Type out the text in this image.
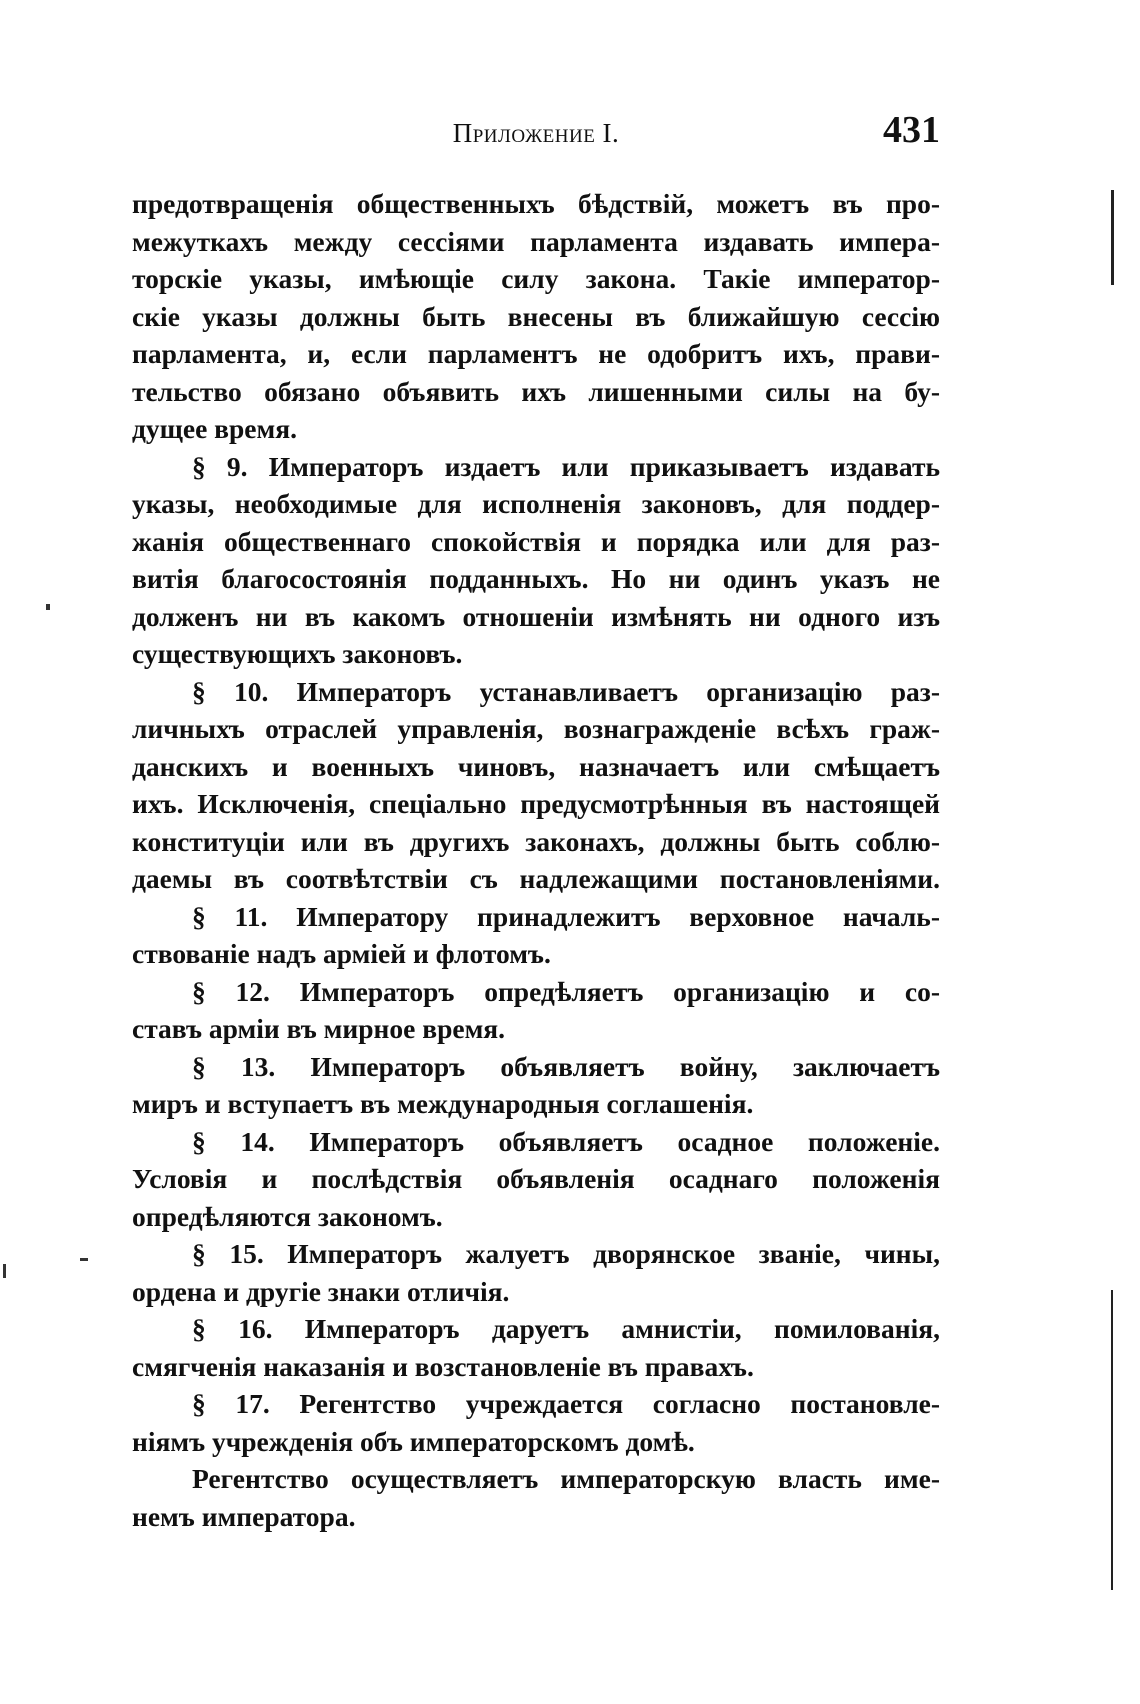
Приложение I.	431
предотвращенія общественныхъ бѣдствій, можетъ въ про-
межуткахъ между сессіями парламента издавать импера-
торскіе указы, имѣющіе силу закона. Такіе император-
скіе указы должны быть внесены въ ближайшую сессію
парламента, и, если парламентъ не одобритъ ихъ, прави-
тельство обязано объявить ихъ лишенными силы на бу-
дущее время.
§ 9. Императоръ издаетъ или приказываетъ издавать
указы, необходимые для исполненія законовъ, для поддер-
жанія общественнаго спокойствія и порядка или для раз-
витія благосостоянія подданныхъ. Но ни одинъ указъ не
долженъ ни въ какомъ отношеніи измѣнять ни одного изъ
существующихъ законовъ.
§ 10. Императоръ устанавливаетъ организацію раз-
личныхъ отраслей управленія, вознагражденіе всѣхъ граж-
данскихъ и военныхъ чиновъ, назначаетъ или смѣщаетъ
ихъ. Исключенія, спеціально предусмотрѣнныя въ настоящей
конституціи или въ другихъ законахъ, должны быть соблю-
даемы въ соотвѣтствіи съ надлежащими постановленіями.
§ 11. Императору принадлежитъ верховное началь-
ствованіе надъ арміей и флотомъ.
§ 12. Императоръ опредѣляетъ организацію и со-
ставъ арміи въ мирное время.
§ 13. Императоръ объявляетъ войну, заключаетъ
миръ и вступаетъ въ международныя соглашенія.
§ 14. Императоръ объявляетъ осадное положеніе.
Условія и послѣдствія объявленія осаднаго положенія
опредѣляются закономъ.
§ 15. Императоръ жалуетъ дворянское званіе, чины,
ордена и другіе знаки отличія.
§ 16. Императоръ даруетъ амнистіи, помилованія,
смягченія наказанія и возстановленіе въ правахъ.
§ 17. Регентство учреждается согласно постановле-
ніямъ учрежденія объ императорскомъ домѣ.
Регентство осуществляетъ императорскую власть име-
немъ императора.
